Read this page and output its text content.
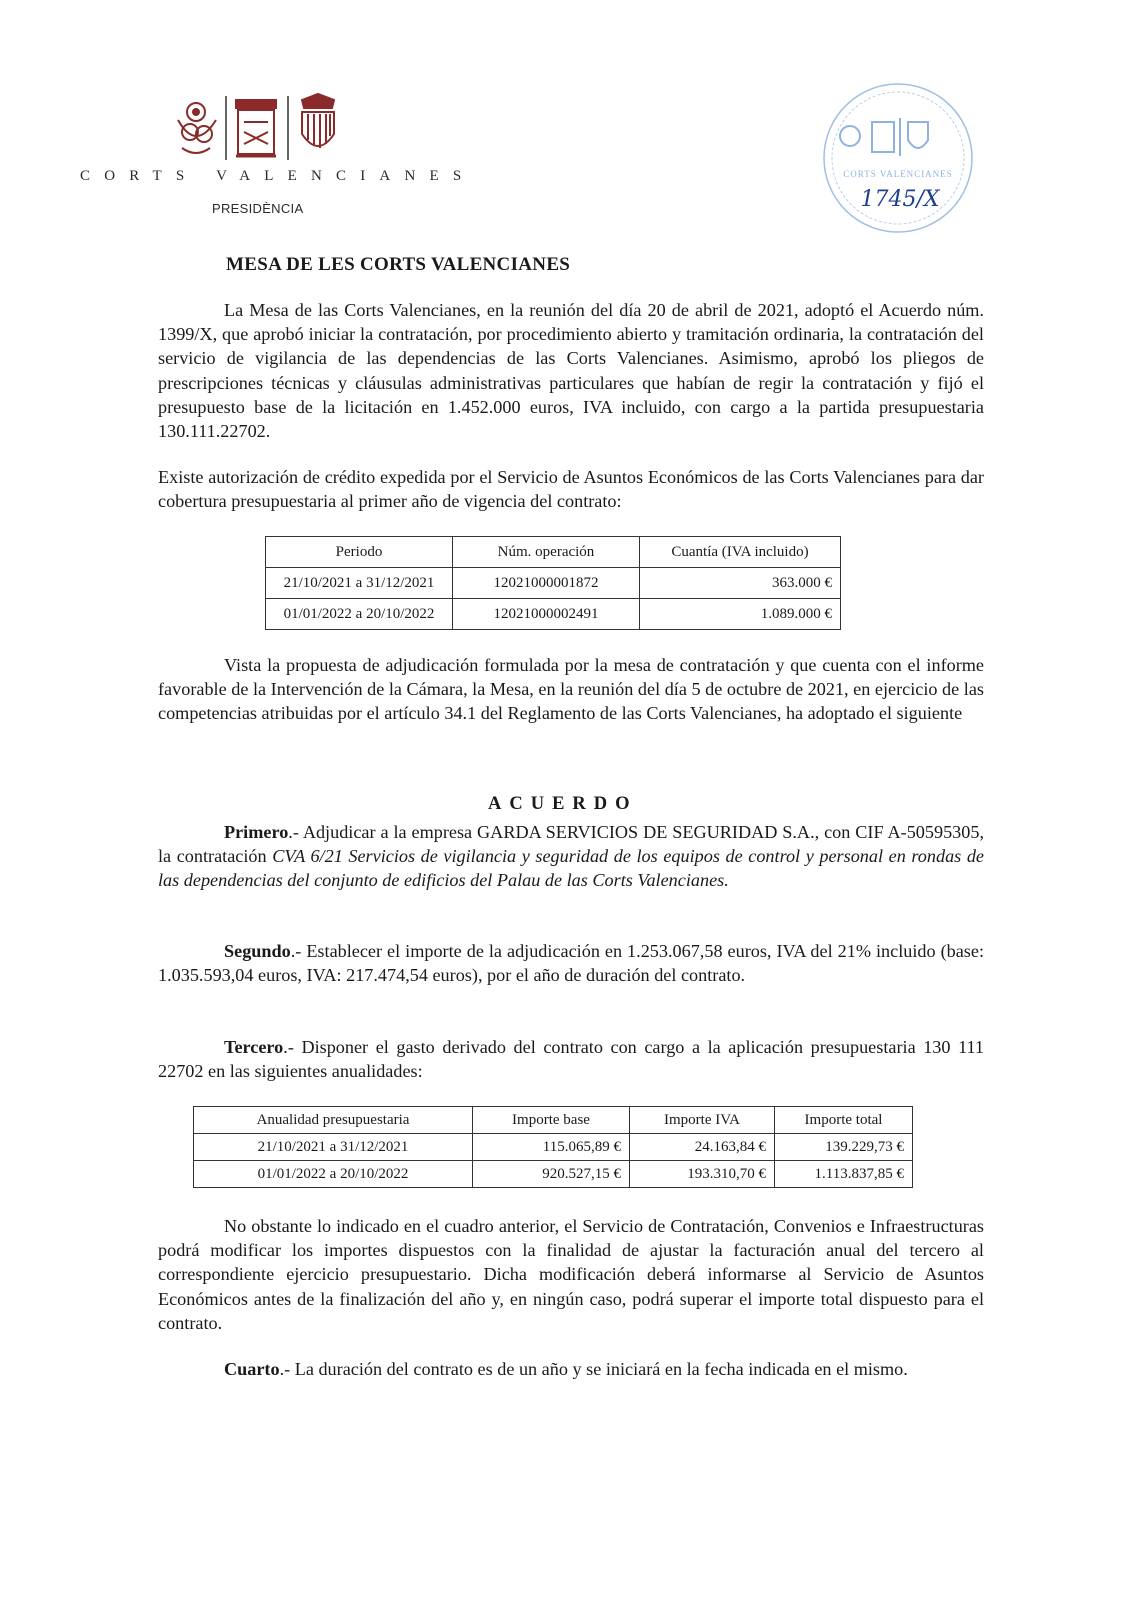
CORTS VALENCIANES
PRESIDÈNCIA
CORTS VALENCIANES
1745/X
MESA DE LES CORTS VALENCIANES

La Mesa de las Corts Valencianes, en la reunión del día 20 de abril de 2021, adoptó el Acuerdo núm. 1399/X, que aprobó iniciar la contratación, por procedimiento abierto y tramitación ordinaria, la contratación del servicio de vigilancia de las dependencias de las Corts Valencianes. Asimismo, aprobó los pliegos de prescripciones técnicas y cláusulas administrativas particulares que habían de regir la contratación y fijó el presupuesto base de la licitación en 1.452.000 euros, IVA incluido, con cargo a la partida presupuestaria 130.111.22702.

Existe autorización de crédito expedida por el Servicio de Asuntos Económicos de las Corts Valencianes para dar cobertura presupuestaria al primer año de vigencia del contrato:

Periodo	Núm. operación	Cuantía (IVA incluido)
21/10/2021 a 31/12/2021	12021000001872	363.000 €
01/01/2022 a 20/10/2022	12021000002491	1.089.000 €

Vista la propuesta de adjudicación formulada por la mesa de contratación y que cuenta con el informe favorable de la Intervención de la Cámara, la Mesa, en la reunión del día 5 de octubre de 2021, en ejercicio de las competencias atribuidas por el artículo 34.1 del Reglamento de las Corts Valencianes, ha adoptado el siguiente

ACUERDO

Primero.- Adjudicar a la empresa GARDA SERVICIOS DE SEGURIDAD S.A., con CIF A-50595305, la contratación CVA 6/21 Servicios de vigilancia y seguridad de los equipos de control y personal en rondas de las dependencias del conjunto de edificios del Palau de las Corts Valencianes.

Segundo.- Establecer el importe de la adjudicación en 1.253.067,58 euros, IVA del 21% incluido (base: 1.035.593,04 euros, IVA: 217.474,54 euros), por el año de duración del contrato.

Tercero.- Disponer el gasto derivado del contrato con cargo a la aplicación presupuestaria 130 111 22702 en las siguientes anualidades:

Anualidad presupuestaria	Importe base	Importe IVA	Importe total
21/10/2021 a 31/12/2021	115.065,89 €	24.163,84 €	139.229,73 €
01/01/2022 a 20/10/2022	920.527,15 €	193.310,70 €	1.113.837,85 €

No obstante lo indicado en el cuadro anterior, el Servicio de Contratación, Convenios e Infraestructuras podrá modificar los importes dispuestos con la finalidad de ajustar la facturación anual del tercero al correspondiente ejercicio presupuestario. Dicha modificación deberá informarse al Servicio de Asuntos Económicos antes de la finalización del año y, en ningún caso, podrá superar el importe total dispuesto para el contrato.

Cuarto.- La duración del contrato es de un año y se iniciará en la fecha indicada en el mismo.
